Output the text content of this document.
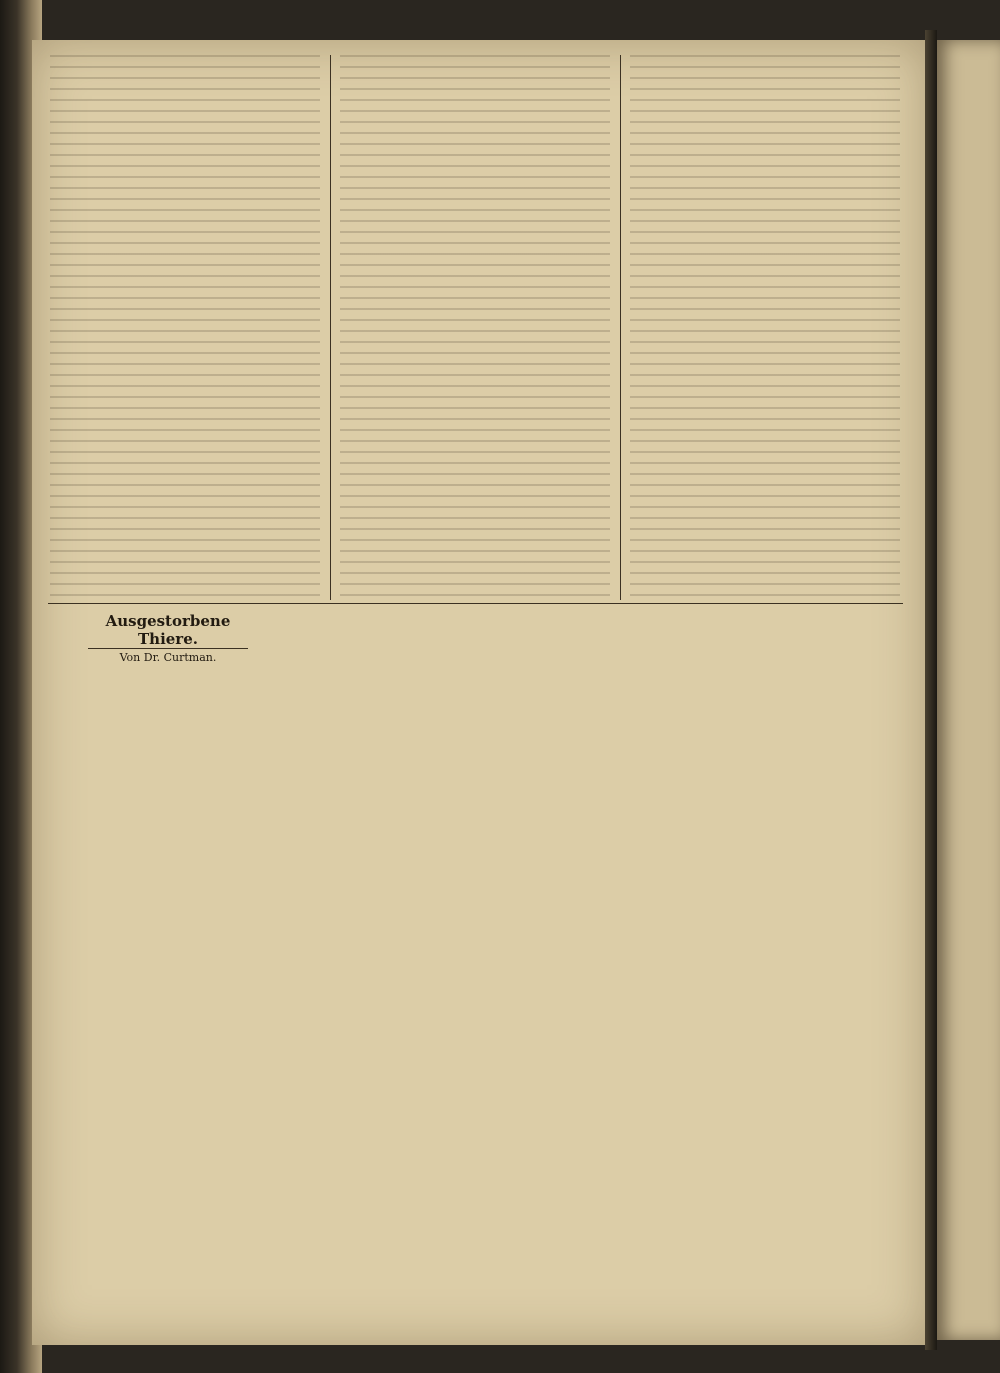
Ausgestorbene Thiere.
Von Dr. Curtman.
